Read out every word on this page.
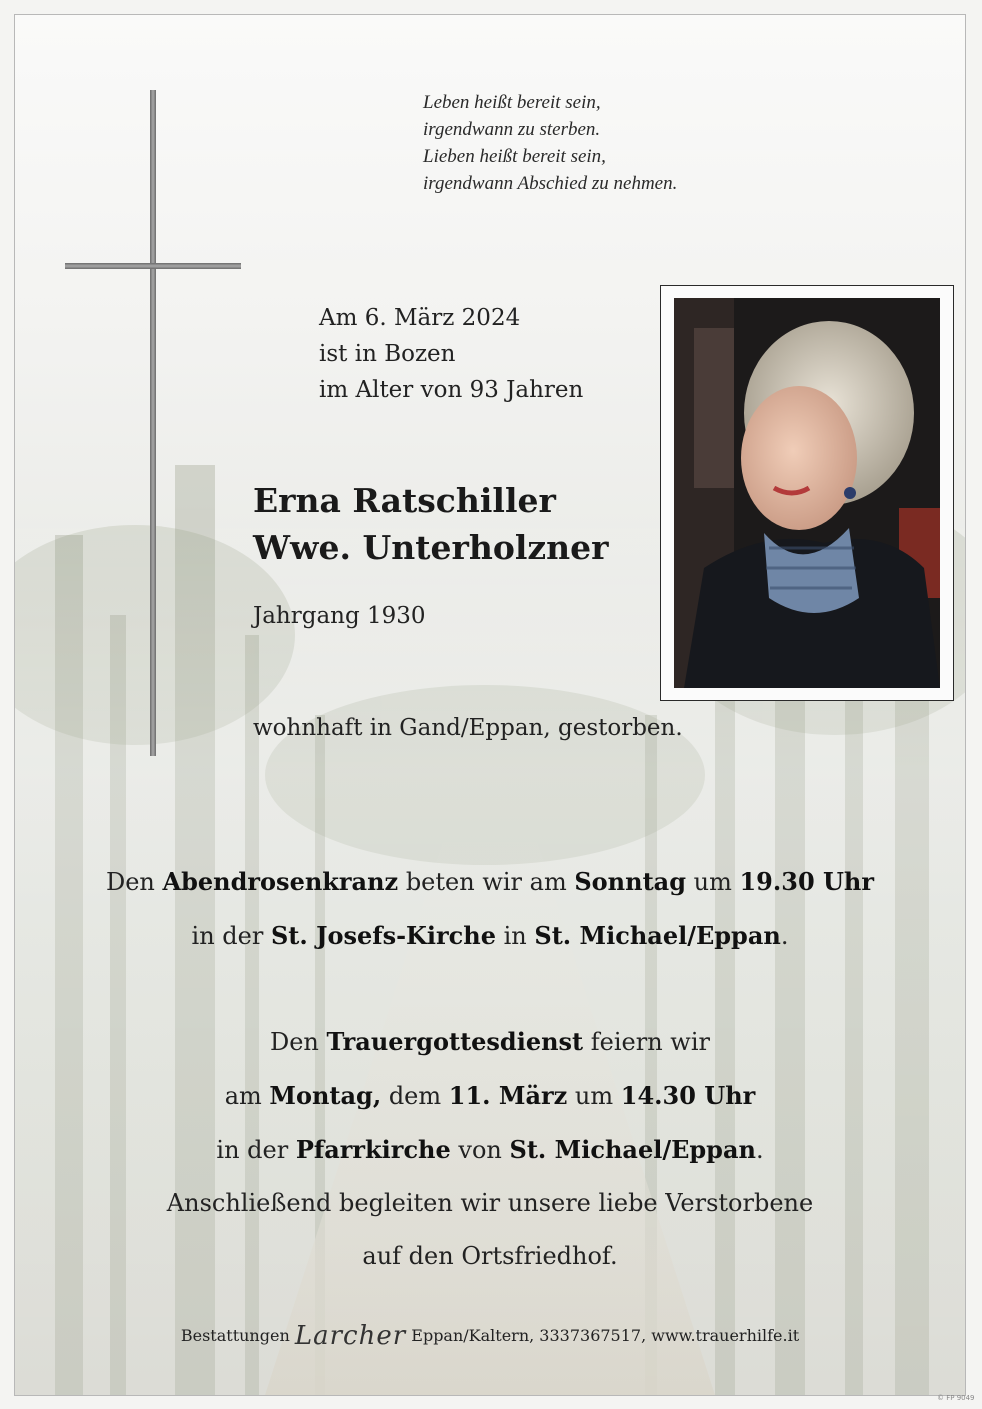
Leben heißt bereit sein,
irgendwann zu sterben.
Lieben heißt bereit sein,
irgendwann Abschied zu nehmen.
Am 6. März 2024
ist in Bozen
im Alter von 93 Jahren
Erna Ratschiller
Wwe. Unterholzner
Jahrgang 1930
wohnhaft in Gand/Eppan, gestorben.
Den Abendrosenkranz beten wir am Sonntag um 19.30 Uhr
in der St. Josefs-Kirche in St. Michael/Eppan.
Den Trauergottesdienst feiern wir
am Montag, dem 11. März um 14.30 Uhr
in der Pfarrkirche von St. Michael/Eppan.
Anschließend begleiten wir unsere liebe Verstorbene
auf den Ortsfriedhof.
Bestattungen Larcher Eppan/Kaltern, 3337367517, www.trauerhilfe.it
© FP 9049
